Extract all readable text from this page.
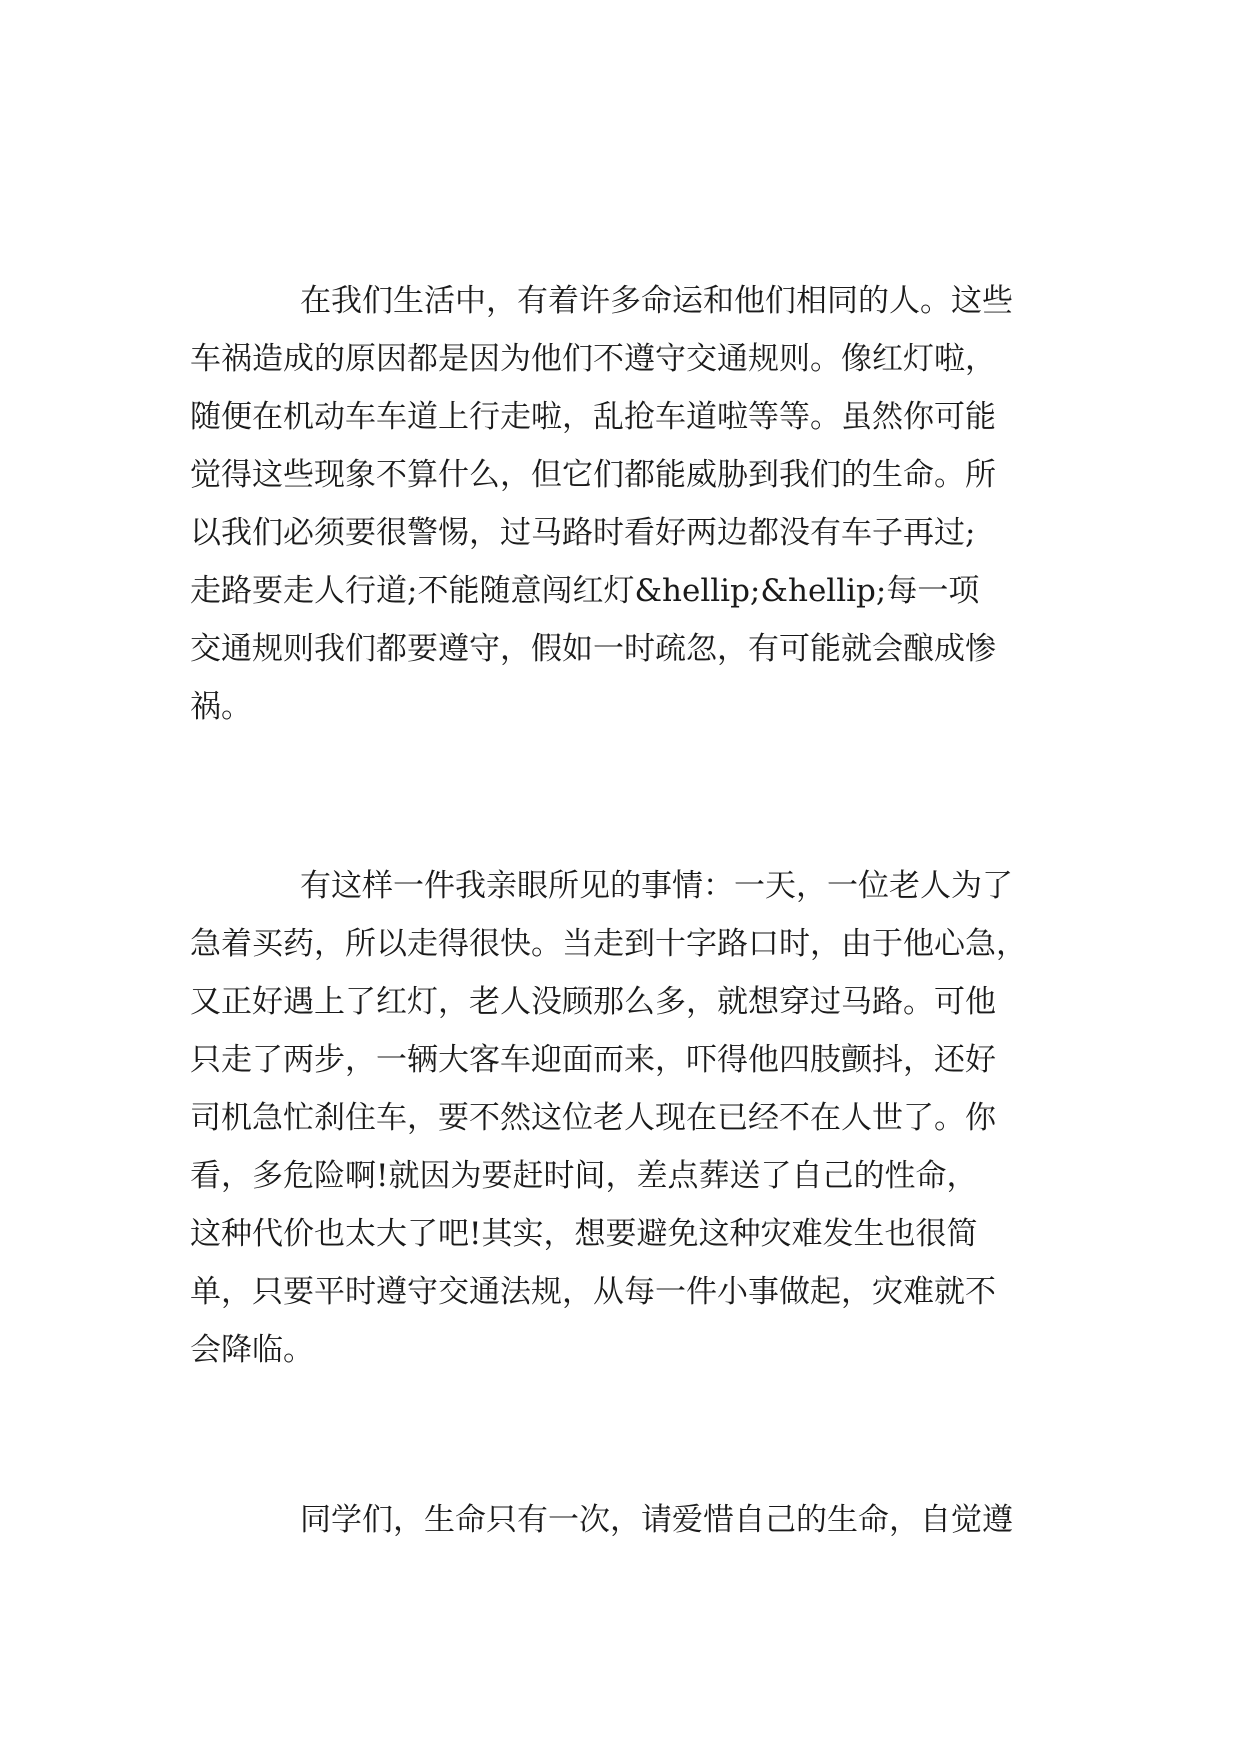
在我们生活中，有着许多命运和他们相同的人。这些
车祸造成的原因都是因为他们不遵守交通规则。像红灯啦，
随便在机动车车道上行走啦，乱抢车道啦等等。虽然你可能
觉得这些现象不算什么，但它们都能威胁到我们的生命。所
以我们必须要很警惕，过马路时看好两边都没有车子再过;
走路要走人行道;不能随意闯红灯&hellip;&hellip;每一项
交通规则我们都要遵守，假如一时疏忽，有可能就会酿成惨
祸。
有这样一件我亲眼所见的事情：一天，一位老人为了
急着买药，所以走得很快。当走到十字路口时，由于他心急，
又正好遇上了红灯，老人没顾那么多，就想穿过马路。可他
只走了两步，一辆大客车迎面而来，吓得他四肢颤抖，还好
司机急忙刹住车，要不然这位老人现在已经不在人世了。你
看，多危险啊!就因为要赶时间，差点葬送了自己的性命，
这种代价也太大了吧!其实，想要避免这种灾难发生也很简
单，只要平时遵守交通法规，从每一件小事做起，灾难就不
会降临。
同学们，生命只有一次，请爱惜自己的生命，自觉遵
